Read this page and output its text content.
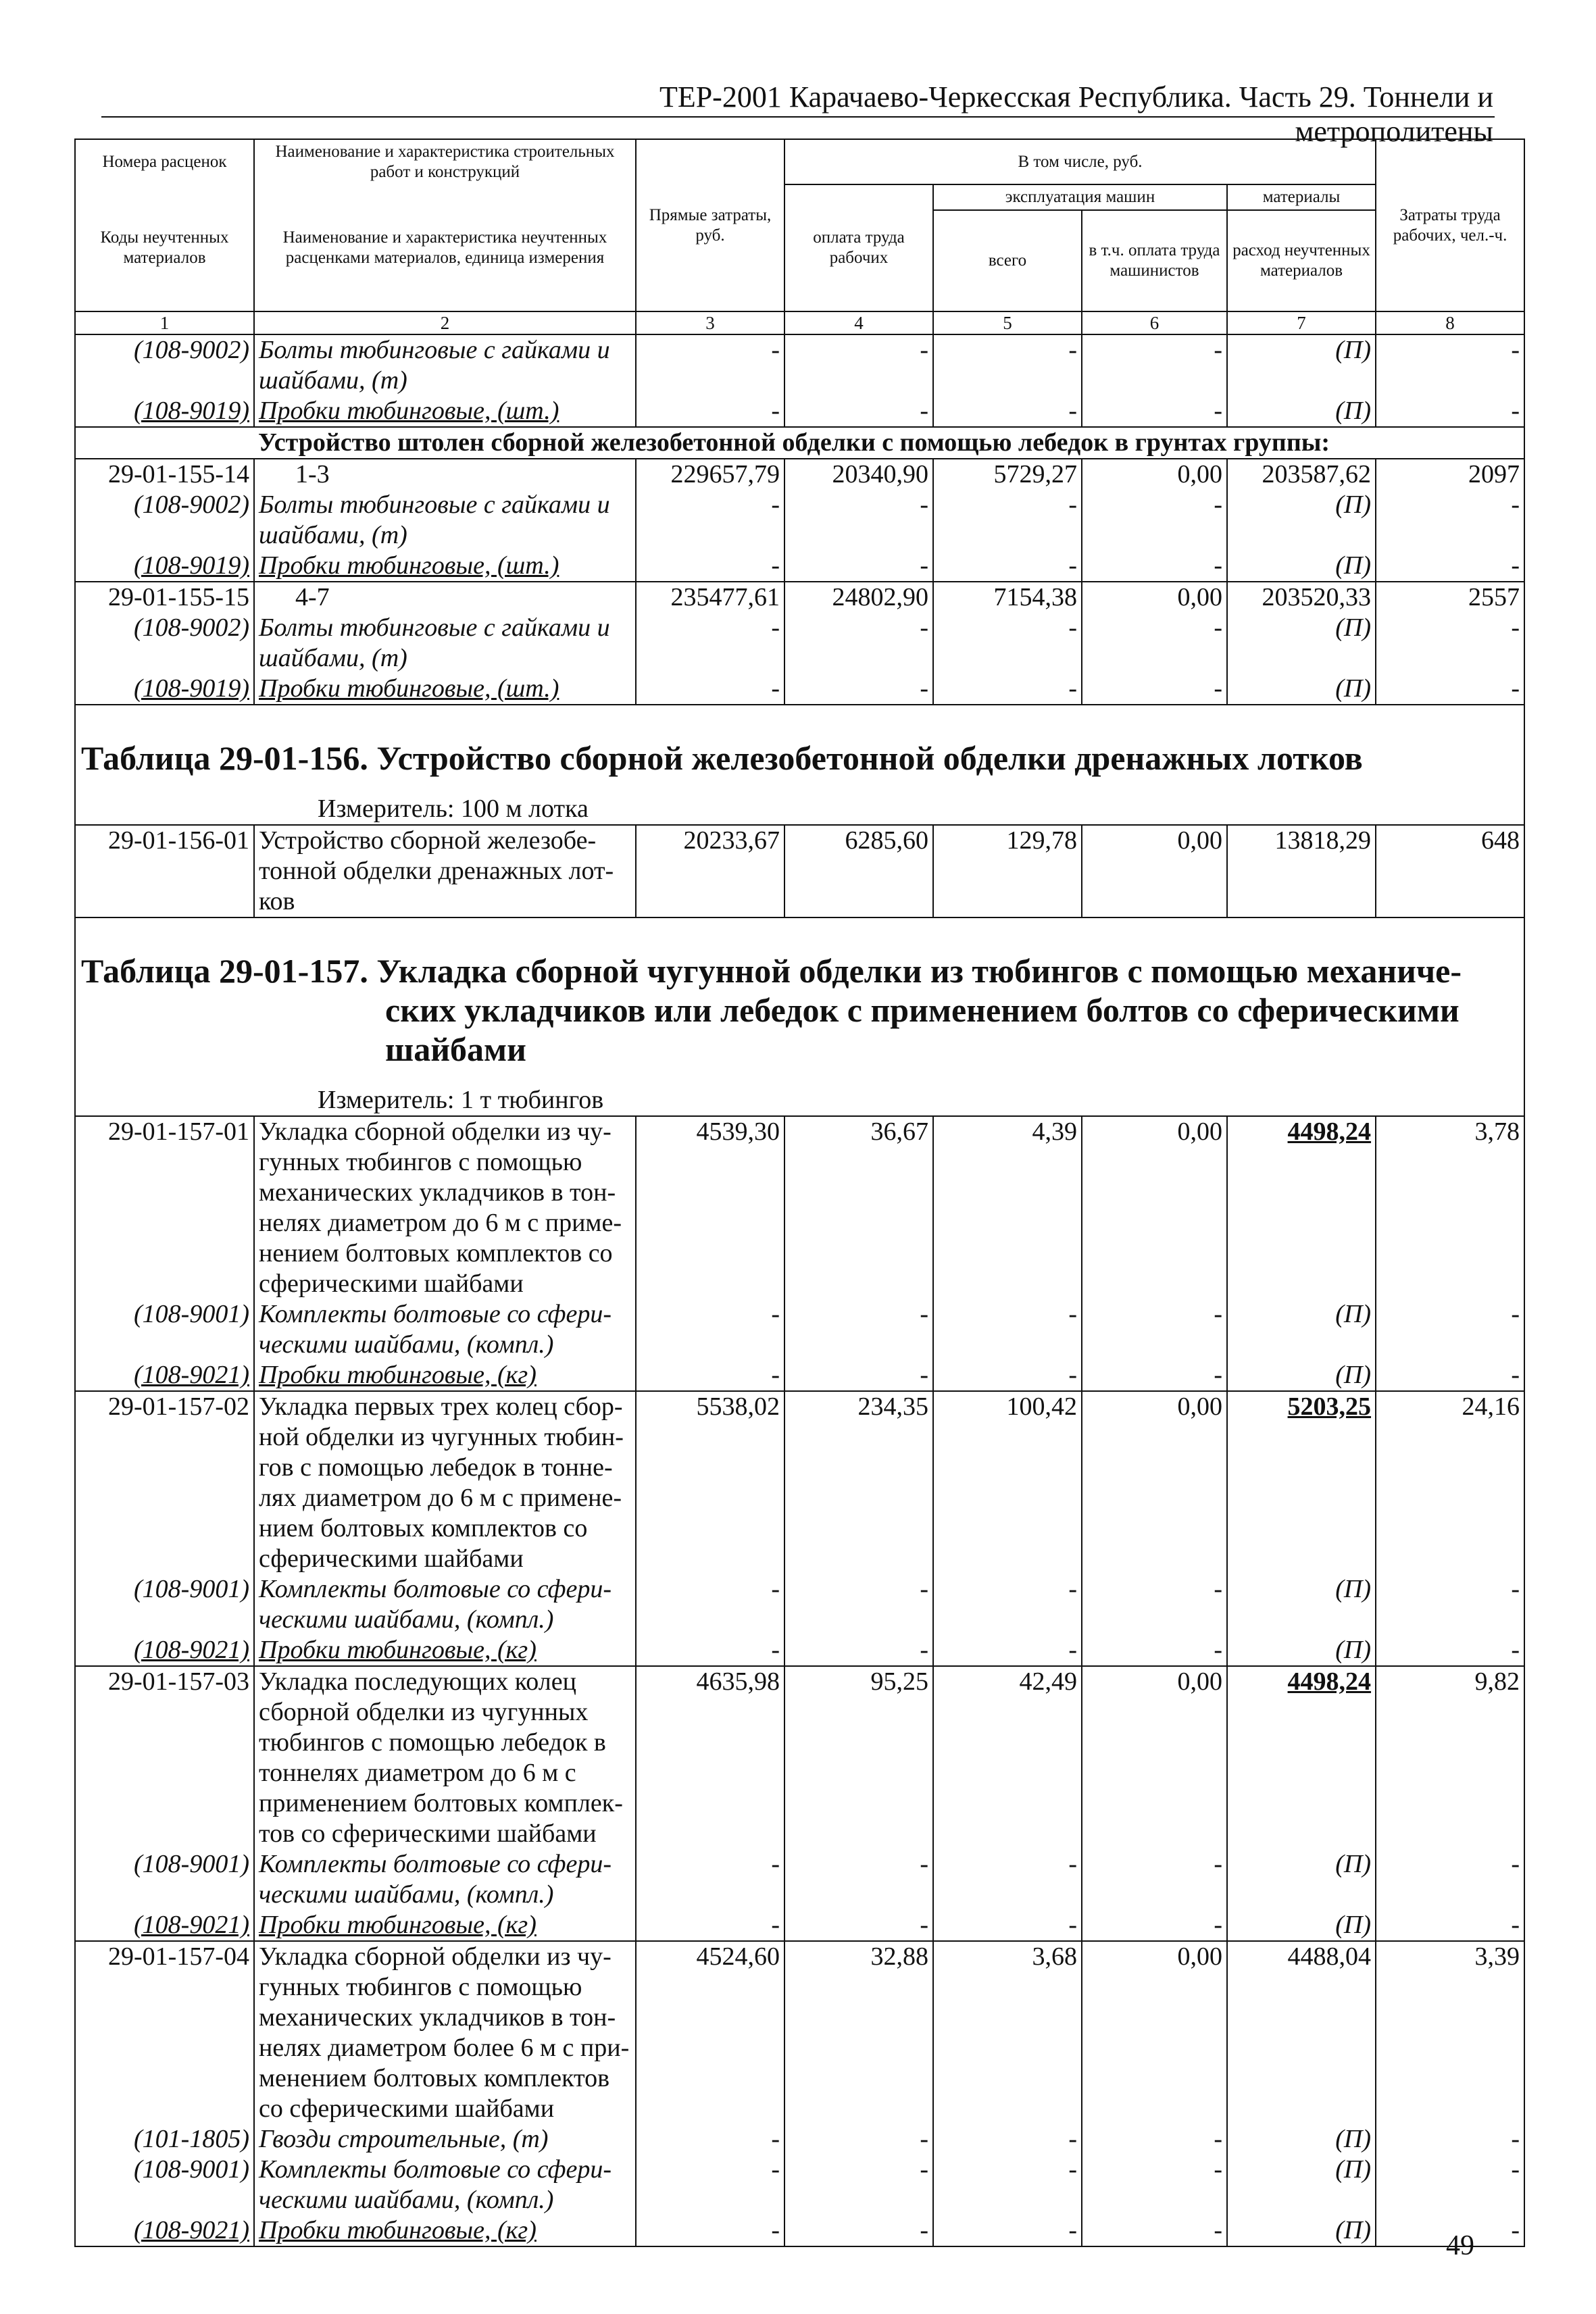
ТЕР-2001 Карачаево-Черкесская Республика. Часть 29. Тоннели и метрополитены
Номера расценок	Наименование и характеристика строительных работ и конструкций	Прямые затраты, руб.	В том числе, руб.				Затраты труда рабочих, чел.-ч.
Коды неучтенных материалов	Наименование и характеристика неучтенных расценками материалов, единица измерения		оплата труда рабочих	эксплуатация машин		материалы	
				всего	в т.ч. оплата труда машинистов	расход неучтенных материалов	
1	2	3	4	5	6	7	8
(108-9002)	Болты тюбинговые с гайками и шайбами, (т)	-	-	-	-	(П)	-
(108-9019)	Пробки тюбинговые, (шт.)	-	-	-	-	(П)	-
	Устройство штолен сборной железобетонной обделки с помощью лебедок в грунтах группы:						
29-01-155-14	1-3	229657,79	20340,90	5729,27	0,00	203587,62	2097
(108-9002)	Болты тюбинговые с гайками и шайбами, (т)	-	-	-	-	(П)	-
(108-9019)	Пробки тюбинговые, (шт.)	-	-	-	-	(П)	-
29-01-155-15	4-7	235477,61	24802,90	7154,38	0,00	203520,33	2557
(108-9002)	Болты тюбинговые с гайками и шайбами, (т)	-	-	-	-	(П)	-
(108-9019)	Пробки тюбинговые, (шт.)	-	-	-	-	(П)	-

Таблица 29-01-156. Устройство сборной железобетонной обделки дренажных лотков							
Измеритель: 100 м лотка							
29-01-156-01	Устройство сборной железобе- тонной обделки дренажных лот- ков	20233,67	6285,60	129,78	0,00	13818,29	648

Таблица 29-01-157. Укладка сборной чугунной обделки из тюбингов с помощью механиче-
ских укладчиков или лебедок с применением болтов со сферическими
шайбами							

Измеритель: 1 т тюбингов							
29-01-157-01	Укладка сборной обделки из чу- гунных тюбингов с помощью механических укладчиков в тон- нелях диаметром до 6 м с приме- нением болтовых комплектов со сферическими шайбами	4539,30	36,67	4,39	0,00	4498,24	3,78
(108-9001)	Комплекты болтовые со сфери- ческими шайбами, (компл.)	-	-	-	-	(П)	-
(108-9021)	Пробки тюбинговые, (кг)	-	-	-	-	(П)	-
29-01-157-02	Укладка первых трех колец сбор- ной обделки из чугунных тюбин- гов с помощью лебедок в тонне- лях диаметром до 6 м с примене- нием болтовых комплектов со сферическими шайбами	5538,02	234,35	100,42	0,00	5203,25	24,16
(108-9001)	Комплекты болтовые со сфери- ческими шайбами, (компл.)	-	-	-	-	(П)	-
(108-9021)	Пробки тюбинговые, (кг)	-	-	-	-	(П)	-
29-01-157-03	Укладка последующих колец сборной обделки из чугунных тюбингов с помощью лебедок в тоннелях диаметром до 6 м с применением болтовых комплек- тов со сферическими шайбами	4635,98	95,25	42,49	0,00	4498,24	9,82
(108-9001)	Комплекты болтовые со сфери- ческими шайбами, (компл.)	-	-	-	-	(П)	-
(108-9021)	Пробки тюбинговые, (кг)	-	-	-	-	(П)	-
29-01-157-04	Укладка сборной обделки из чу- гунных тюбингов с помощью механических укладчиков в тон- нелях диаметром более 6 м с при- менением болтовых комплектов со сферическими шайбами	4524,60	32,88	3,68	0,00	4488,04	3,39
(101-1805)	Гвозди строительные, (т)	-	-	-	-	(П)	-
(108-9001)	Комплекты болтовые со сфери- ческими шайбами, (компл.)	-	-	-	-	(П)	-
(108-9021)	Пробки тюбинговые, (кг)	-	-	-	-	(П)	-
49
